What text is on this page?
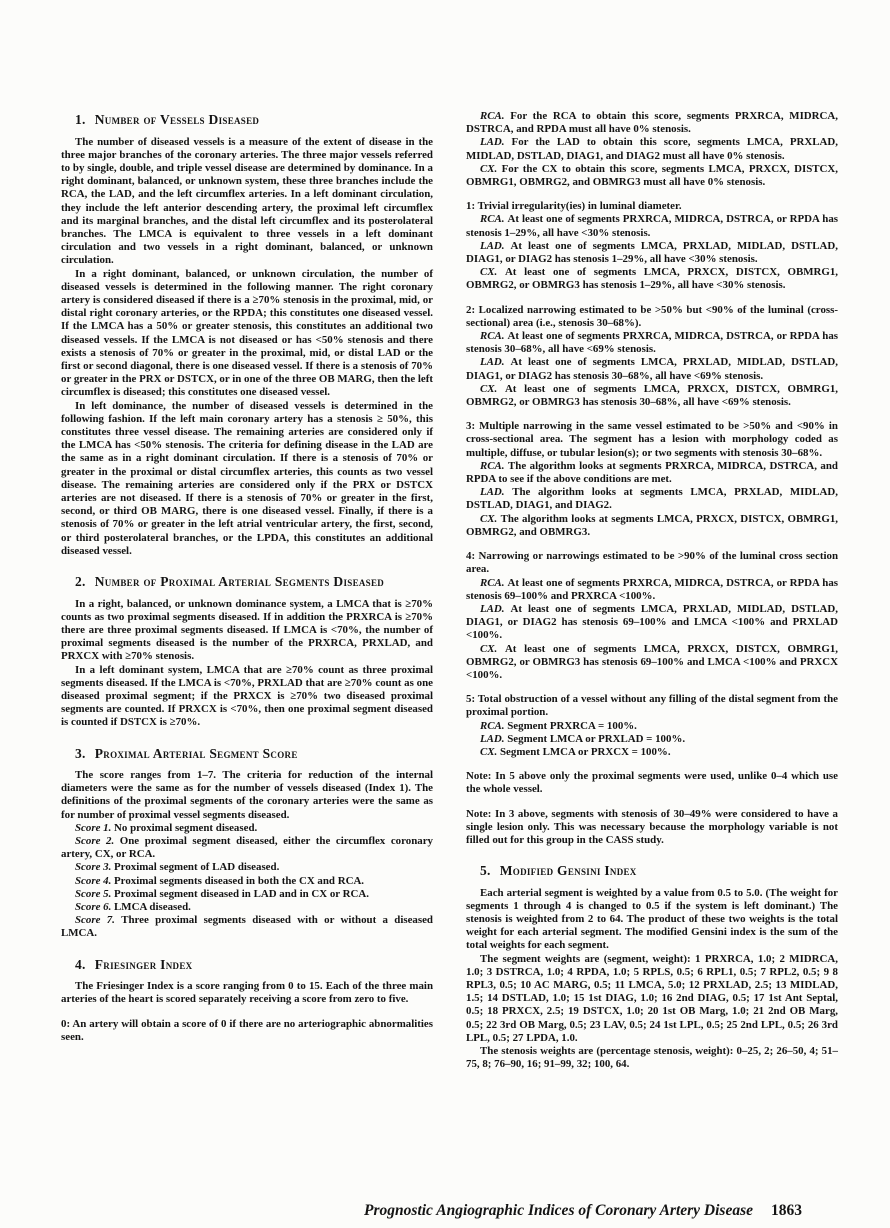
1. Number of Vessels Diseased

The number of diseased vessels is a measure of the extent of disease in the three major branches of the coronary arteries. The three major vessels referred to by single, double, and triple vessel disease are determined by dominance. In a right dominant, balanced, or unknown system, these three branches include the RCA, the LAD, and the left circumflex arteries. In a left dominant circulation, they include the left anterior descending artery, the proximal left circumflex and its marginal branches, and the distal left circumflex and its posterolateral branches. The LMCA is equivalent to three vessels in a left dominant circulation and two vessels in a right dominant, balanced, or unknown circulation.

In a right dominant, balanced, or unknown circulation, the number of diseased vessels is determined in the following manner. The right coronary artery is considered diseased if there is a ≥70% stenosis in the proximal, mid, or distal right coronary arteries, or the RPDA; this constitutes one diseased vessel. If the LMCA has a 50% or greater stenosis, this constitutes an additional two diseased vessels. If the LMCA is not diseased or has <50% stenosis and there exists a stenosis of 70% or greater in the proximal, mid, or distal LAD or the first or second diagonal, there is one diseased vessel. If there is a stenosis of 70% or greater in the PRX or DSTCX, or in one of the three OB MARG, then the left circumflex is diseased; this constitutes one diseased vessel.

In left dominance, the number of diseased vessels is determined in the following fashion. If the left main coronary artery has a stenosis ≥ 50%, this constitutes three vessel disease. The remaining arteries are considered only if the LMCA has <50% stenosis. The criteria for defining disease in the LAD are the same as in a right dominant circulation. If there is a stenosis of 70% or greater in the proximal or distal circumflex arteries, this counts as two vessel disease. The remaining arteries are considered only if the PRX or DSTCX arteries are not diseased. If there is a stenosis of 70% or greater in the first, second, or third OB MARG, there is one diseased vessel. Finally, if there is a stenosis of 70% or greater in the left atrial ventricular artery, the first, second, or third posterolateral branches, or the LPDA, this constitutes an additional diseased vessel.

2. Number of Proximal Arterial Segments Diseased

In a right, balanced, or unknown dominance system, a LMCA that is ≥70% counts as two proximal segments diseased. If in addition the PRXRCA is ≥70% there are three proximal segments diseased. If LMCA is <70%, the number of proximal segments diseased is the number of the PRXRCA, PRXLAD, and PRXCX with ≥70% stenosis.

In a left dominant system, LMCA that are ≥70% count as three proximal segments diseased. If the LMCA is <70%, PRXLAD that are ≥70% count as one diseased proximal segment; if the PRXCX is ≥70% two diseased proximal segments are counted. If PRXCX is <70%, then one proximal segment diseased is counted if DSTCX is ≥70%.

3. Proximal Arterial Segment Score

The score ranges from 1–7. The criteria for reduction of the internal diameters were the same as for the number of vessels diseased (Index 1). The definitions of the proximal segments of the coronary arteries were the same as for number of proximal vessel segments diseased.

Score 1. No proximal segment diseased.

Score 2. One proximal segment diseased, either the circumflex coronary artery, CX, or RCA.

Score 3. Proximal segment of LAD diseased.

Score 4. Proximal segments diseased in both the CX and RCA.

Score 5. Proximal segment diseased in LAD and in CX or RCA.

Score 6. LMCA diseased.

Score 7. Three proximal segments diseased with or without a diseased LMCA.

4. Friesinger Index

The Friesinger Index is a score ranging from 0 to 15. Each of the three main arteries of the heart is scored separately receiving a score from zero to five.

0: An artery will obtain a score of 0 if there are no arteriographic abnormalities seen.

RCA. For the RCA to obtain this score, segments PRXRCA, MIDRCA, DSTRCA, and RPDA must all have 0% stenosis.

LAD. For the LAD to obtain this score, segments LMCA, PRXLAD, MIDLAD, DSTLAD, DIAG1, and DIAG2 must all have 0% stenosis.

CX. For the CX to obtain this score, segments LMCA, PRXCX, DISTCX, OBMRG1, OBMRG2, and OBMRG3 must all have 0% stenosis.

1: Trivial irregularity(ies) in luminal diameter.

RCA. At least one of segments PRXRCA, MIDRCA, DSTRCA, or RPDA has stenosis 1–29%, all have <30% stenosis.

LAD. At least one of segments LMCA, PRXLAD, MIDLAD, DSTLAD, DIAG1, or DIAG2 has stenosis 1–29%, all have <30% stenosis.

CX. At least one of segments LMCA, PRXCX, DISTCX, OBMRG1, OBMRG2, or OBMRG3 has stenosis 1–29%, all have <30% stenosis.

2: Localized narrowing estimated to be >50% but <90% of the luminal (cross-sectional) area (i.e., stenosis 30–68%).

RCA. At least one of segments PRXRCA, MIDRCA, DSTRCA, or RPDA has stenosis 30–68%, all have <69% stenosis.

LAD. At least one of segments LMCA, PRXLAD, MIDLAD, DSTLAD, DIAG1, or DIAG2 has stenosis 30–68%, all have <69% stenosis.

CX. At least one of segments LMCA, PRXCX, DISTCX, OBMRG1, OBMRG2, or OBMRG3 has stenosis 30–68%, all have <69% stenosis.

3: Multiple narrowing in the same vessel estimated to be >50% and <90% in cross-sectional area. The segment has a lesion with morphology coded as multiple, diffuse, or tubular lesion(s); or two segments with stenosis 30–68%.

RCA. The algorithm looks at segments PRXRCA, MIDRCA, DSTRCA, and RPDA to see if the above conditions are met.

LAD. The algorithm looks at segments LMCA, PRXLAD, MIDLAD, DSTLAD, DIAG1, and DIAG2.

CX. The algorithm looks at segments LMCA, PRXCX, DISTCX, OBMRG1, OBMRG2, and OBMRG3.

4: Narrowing or narrowings estimated to be >90% of the luminal cross section area.

RCA. At least one of segments PRXRCA, MIDRCA, DSTRCA, or RPDA has stenosis 69–100% and PRXRCA <100%.

LAD. At least one of segments LMCA, PRXLAD, MIDLAD, DSTLAD, DIAG1, or DIAG2 has stenosis 69–100% and LMCA <100% and PRXLAD <100%.

CX. At least one of segments LMCA, PRXCX, DISTCX, OBMRG1, OBMRG2, or OBMRG3 has stenosis 69–100% and LMCA <100% and PRXCX <100%.

5: Total obstruction of a vessel without any filling of the distal segment from the proximal portion.

RCA. Segment PRXRCA = 100%.

LAD. Segment LMCA or PRXLAD = 100%.

CX. Segment LMCA or PRXCX = 100%.

Note: In 5 above only the proximal segments were used, unlike 0–4 which use the whole vessel.

Note: In 3 above, segments with stenosis of 30–49% were considered to have a single lesion only. This was necessary because the morphology variable is not filled out for this group in the CASS study.

5. Modified Gensini Index

Each arterial segment is weighted by a value from 0.5 to 5.0. (The weight for segments 1 through 4 is changed to 0.5 if the system is left dominant.) The stenosis is weighted from 2 to 64. The product of these two weights is the total weight for each arterial segment. The modified Gensini index is the sum of the total weights for each segment.

The segment weights are (segment, weight): 1 PRXRCA, 1.0; 2 MIDRCA, 1.0; 3 DSTRCA, 1.0; 4 RPDA, 1.0; 5 RPLS, 0.5; 6 RPL1, 0.5; 7 RPL2, 0.5; 9 8 RPL3, 0.5; 10 AC MARG, 0.5; 11 LMCA, 5.0; 12 PRXLAD, 2.5; 13 MIDLAD, 1.5; 14 DSTLAD, 1.0; 15 1st DIAG, 1.0; 16 2nd DIAG, 0.5; 17 1st Ant Septal, 0.5; 18 PRXCX, 2.5; 19 DSTCX, 1.0; 20 1st OB Marg, 1.0; 21 2nd OB Marg, 0.5; 22 3rd OB Marg, 0.5; 23 LAV, 0.5; 24 1st LPL, 0.5; 25 2nd LPL, 0.5; 26 3rd LPL, 0.5; 27 LPDA, 1.0.

The stenosis weights are (percentage stenosis, weight): 0–25, 2; 26–50, 4; 51–75, 8; 76–90, 16; 91–99, 32; 100, 64.

Prognostic Angiographic Indices of Coronary Artery Disease 1863
